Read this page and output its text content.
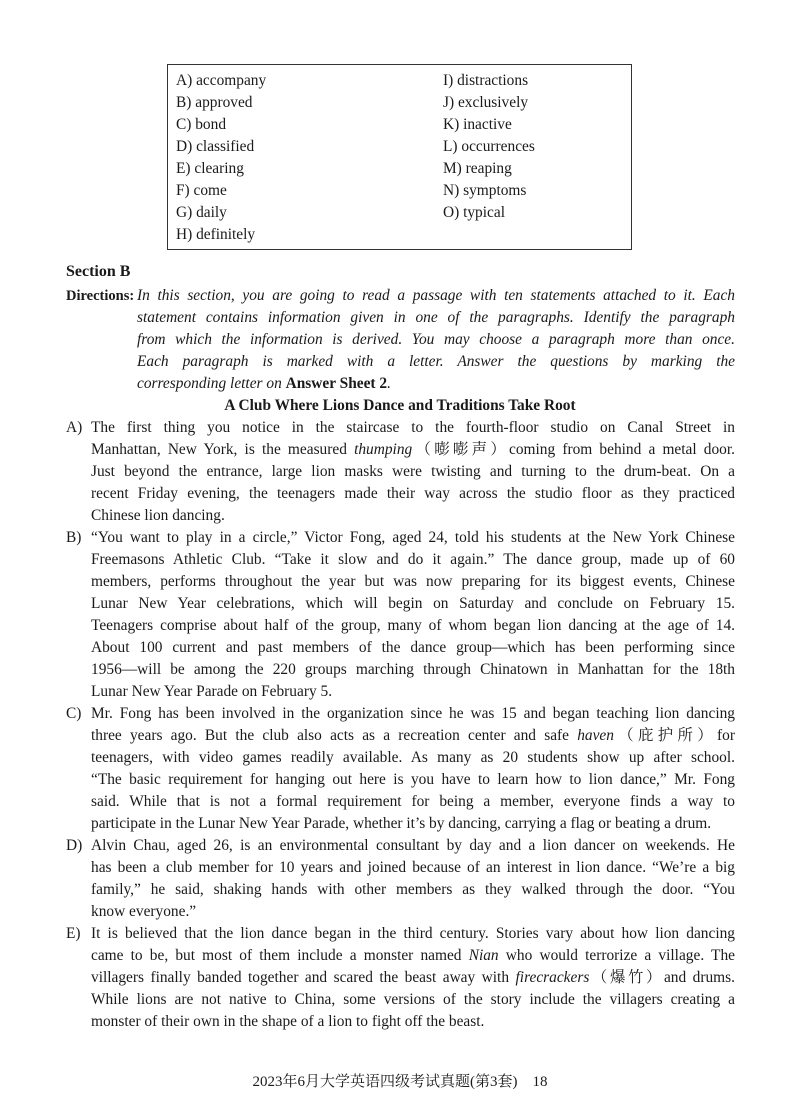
A) accompany
B) approved
C) bond
D) classified
E) clearing
F) come
G) daily
H) definitely
I) distractions
J) exclusively
K) inactive
L) occurrences
M) reaping
N) symptoms
O) typical
Section B
Directions: In this section, you are going to read a passage with ten statements attached to it. Each
statement contains information given in one of the paragraphs. Identify the paragraph
from which the information is derived. You may choose a paragraph more than once.
Each paragraph is marked with a letter. Answer the questions by marking the
corresponding letter on Answer Sheet 2.
A Club Where Lions Dance and Traditions Take Root
A) The first thing you notice in the staircase to the fourth-floor studio on Canal Street in
Manhattan, New York, is the measured thumping（嘭嘭声）coming from behind a metal door.
Just beyond the entrance, large lion masks were twisting and turning to the drum-beat. On a
recent Friday evening, the teenagers made their way across the studio floor as they practiced
Chinese lion dancing.
B) “You want to play in a circle,” Victor Fong, aged 24, told his students at the New York Chinese
Freemasons Athletic Club. “Take it slow and do it again.” The dance group, made up of 60
members, performs throughout the year but was now preparing for its biggest events, Chinese
Lunar New Year celebrations, which will begin on Saturday and conclude on February 15.
Teenagers comprise about half of the group, many of whom began lion dancing at the age of 14.
About 100 current and past members of the dance group—which has been performing since
1956—will be among the 220 groups marching through Chinatown in Manhattan for the 18th
Lunar New Year Parade on February 5.
C) Mr. Fong has been involved in the organization since he was 15 and began teaching lion dancing
three years ago. But the club also acts as a recreation center and safe haven（庇护所）for
teenagers, with video games readily available. As many as 20 students show up after school.
“The basic requirement for hanging out here is you have to learn how to lion dance,” Mr. Fong
said. While that is not a formal requirement for being a member, everyone finds a way to
participate in the Lunar New Year Parade, whether it’s by dancing, carrying a flag or beating a drum.
D) Alvin Chau, aged 26, is an environmental consultant by day and a lion dancer on weekends. He
has been a club member for 10 years and joined because of an interest in lion dance. “We’re a big
family,” he said, shaking hands with other members as they walked through the door. “You
know everyone.”
E) It is believed that the lion dance began in the third century. Stories vary about how lion dancing
came to be, but most of them include a monster named Nian who would terrorize a village. The
villagers finally banded together and scared the beast away with firecrackers（爆竹）and drums.
While lions are not native to China, some versions of the story include the villagers creating a
monster of their own in the shape of a lion to fight off the beast.
2023年6月大学英语四级考试真题(第3套)　18
